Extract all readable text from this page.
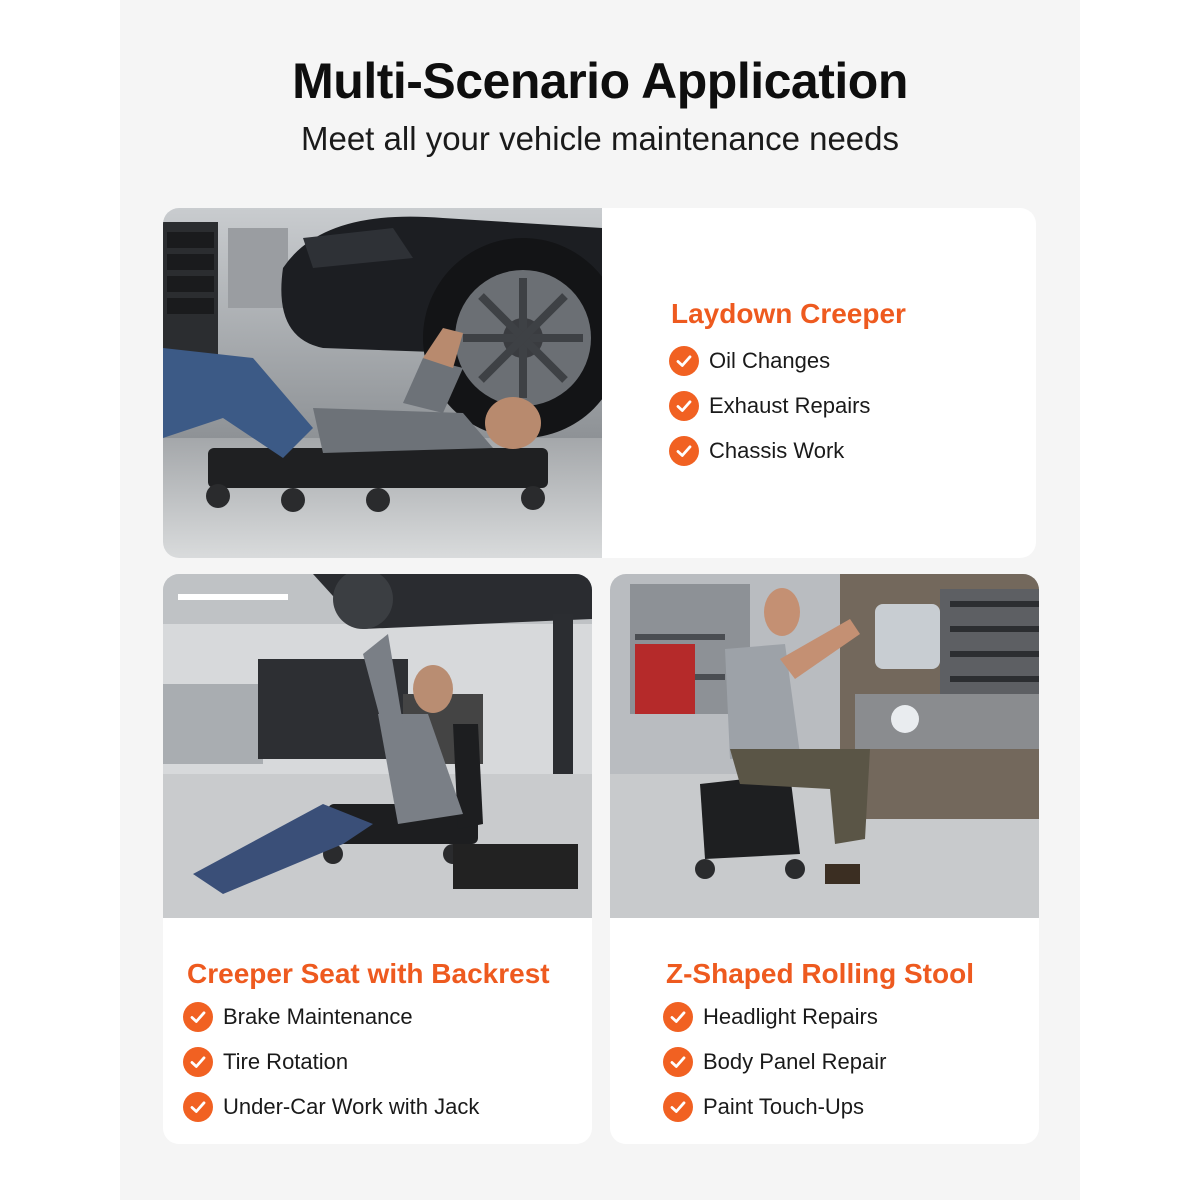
Multi-Scenario Application
Meet all your vehicle maintenance needs
Laydown Creeper
Oil Changes
Exhaust Repairs
Chassis Work
Creeper Seat with Backrest
Brake Maintenance
Tire Rotation
Under-Car Work with Jack
Z-Shaped Rolling Stool
Headlight Repairs
Body Panel Repair
Paint Touch-Ups
